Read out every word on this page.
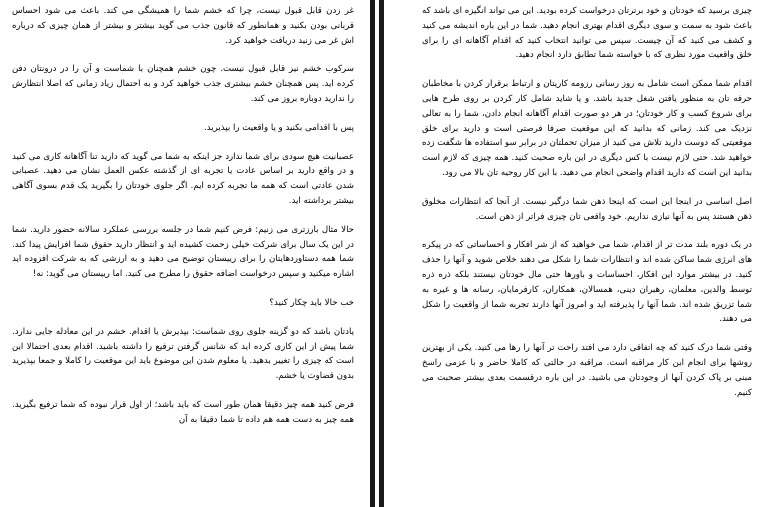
غر زدن قابل قبول نیست، چرا که خشم شما را همیشگی می کند. باعث می شود احساس قربانی بودن بکنید و همانطور که قانون جذب می گوید بیشتر و بیشتر از همان چیزی که درباره اش غر می زنید دریافت خواهید کرد.

سرکوب خشم نیز قابل قبول نیست. چون خشم همچنان با شماست و آن را در درونتان دفن کرده اید. پس همچنان خشم بیشتری جذب خواهید کرد و به احتمال زیاد زمانی که اصلا انتظارش را ندارید دوباره بروز می کند.

پس با اقدامی بکنید و یا واقعیت را بپذیرید.

عصبانیت هیچ سودی برای شما ندارد جز اینکه به شما می گوید که دارید تنا آگاهانه کاری می کنید و در واقع دارید بر اساس عادت یا تجربه ای از گذشته عکس العمل نشان می دهید. عصبانی شدن عادتی است که همه ما تجربه کرده ایم. اگر جلوی خودتان را بگیرید یک قدم بسوی آگاهی بیشتر برداشته اید.

حالا مثال بارزتری می زنیم: فرض کنیم شما در جلسه بررسی عملکرد سالانه حضور دارید. شما در این یک سال برای شرکت خیلی زحمت کشیده اید و انتظار دارید حقوق شما افزایش پیدا کند. شما همه دستاوردهایتان را برای رییستان توضیح می دهید و به ارزشی که به شرکت افزوده اید اشاره میکنید و سپس درخواست اضافه حقوق را مطرح می کنید. اما رییستان می گوید: نه!

خب حالا باید چکار کنید؟

یادتان باشد که دو گزینه جلوی روی شماست: بپذیرش یا اقدام. خشم در این معادله جایی ندارد. شما پیش از این کاری کرده اید که شانس گرفتن ترفیع را داشته باشید. اقدام بعدی احتمالا این است که چیزی را تغییر بدهید. یا معلوم شدن این موضوع باید این موقعیت را کاملا و جمعا بپذیرید بدون قضاوت یا خشم.

فرض کنید همه چیز دقیقا همان طور است که باید باشد؛ از اول قرار نبوده که شما ترفیع بگیرید. همه چیز به دست همه هم داده تا شما دقیقا به آن

چیزی برسید که خودتان و خود برترتان درخواست کرده بودید. این می تواند انگیزه ای باشد که باعث شود به سمت و سوی دیگری اقدام بهتری انجام دهید. شما در این باره اندیشه می کنید و کشف می کنید که آن چیست. سپس می توانید انتخاب کنید که اقدام آگاهانه ای را برای خلق واقعیت مورد نظری که با خواسته شما تطابق دارد انجام دهید.

اقدام شما ممکن است شامل به روز رسانی رزومه کاریتان و ارتباط برقرار کردن با مخاطبان حرفه تان به منظور یافتن شغل جدید باشد. و یا شاید شامل کار کردن بر روی طرح هایی برای شروع کسب و کار خودتان؛ در هر دو صورت اقدام آگاهانه انجام دادن، شما را به تعالی نزدیک می کند. زمانی که بدانید که این موقعیت صرفا فرصتی است و دارید برای خلق موقعیتی که دوست دارید تلاش می کنید از میزان تحملتان در برابر سو استفاده ها شگفت زده خواهید شد. حتی لازم نیست با کس دیگری در این باره صحبت کنید. همه چیزی که لازم است بدانید این است که دارید اقدام واضحی انجام می دهید. با این کار روحیه تان بالا می رود.

اصل اساسی در اینجا این است که اینجا ذهن شما درگیر نیست. از آنجا که انتظارات مخلوق ذهن هستند پس به آنها نیازی نداریم. خود واقعی تان چیزی فراتر از ذهن است.

در یک دوره بلند مدت تر از اقدام، شما می خواهید که از شر افکار و احساساتی که در پیکره های انرژی شما ساکن شده اند و انتظارات شما را شکل می دهند خلاص شوید و آنها را حذف کنید. در بیشتر موارد این افکار، احساسات و باورها حتی مال خودتان نیستند بلکه ذره ذره توسط والدین، معلمان، رهبران دینی، همسالان، همکاران، کارفرمایان، رسانه ها و غیره به شما تزریق شده اند. شما آنها را پذیرفته اید و امروز آنها دارند تجربه شما از واقعیت را شکل می دهند.

وقتی شما درک کنید که چه اتفاقی دارد می افتد راحت تر آنها را رها می کنید. یکی از بهترین روشها برای انجام این کار مراقبه است. مراقبه در حالتی که کاملا حاضر و با عزمی راسخ مبنی بر پاک کردن آنها از وجودتان می باشید. در این باره درقسمت بعدی بیشتر صحبت می کنیم.
